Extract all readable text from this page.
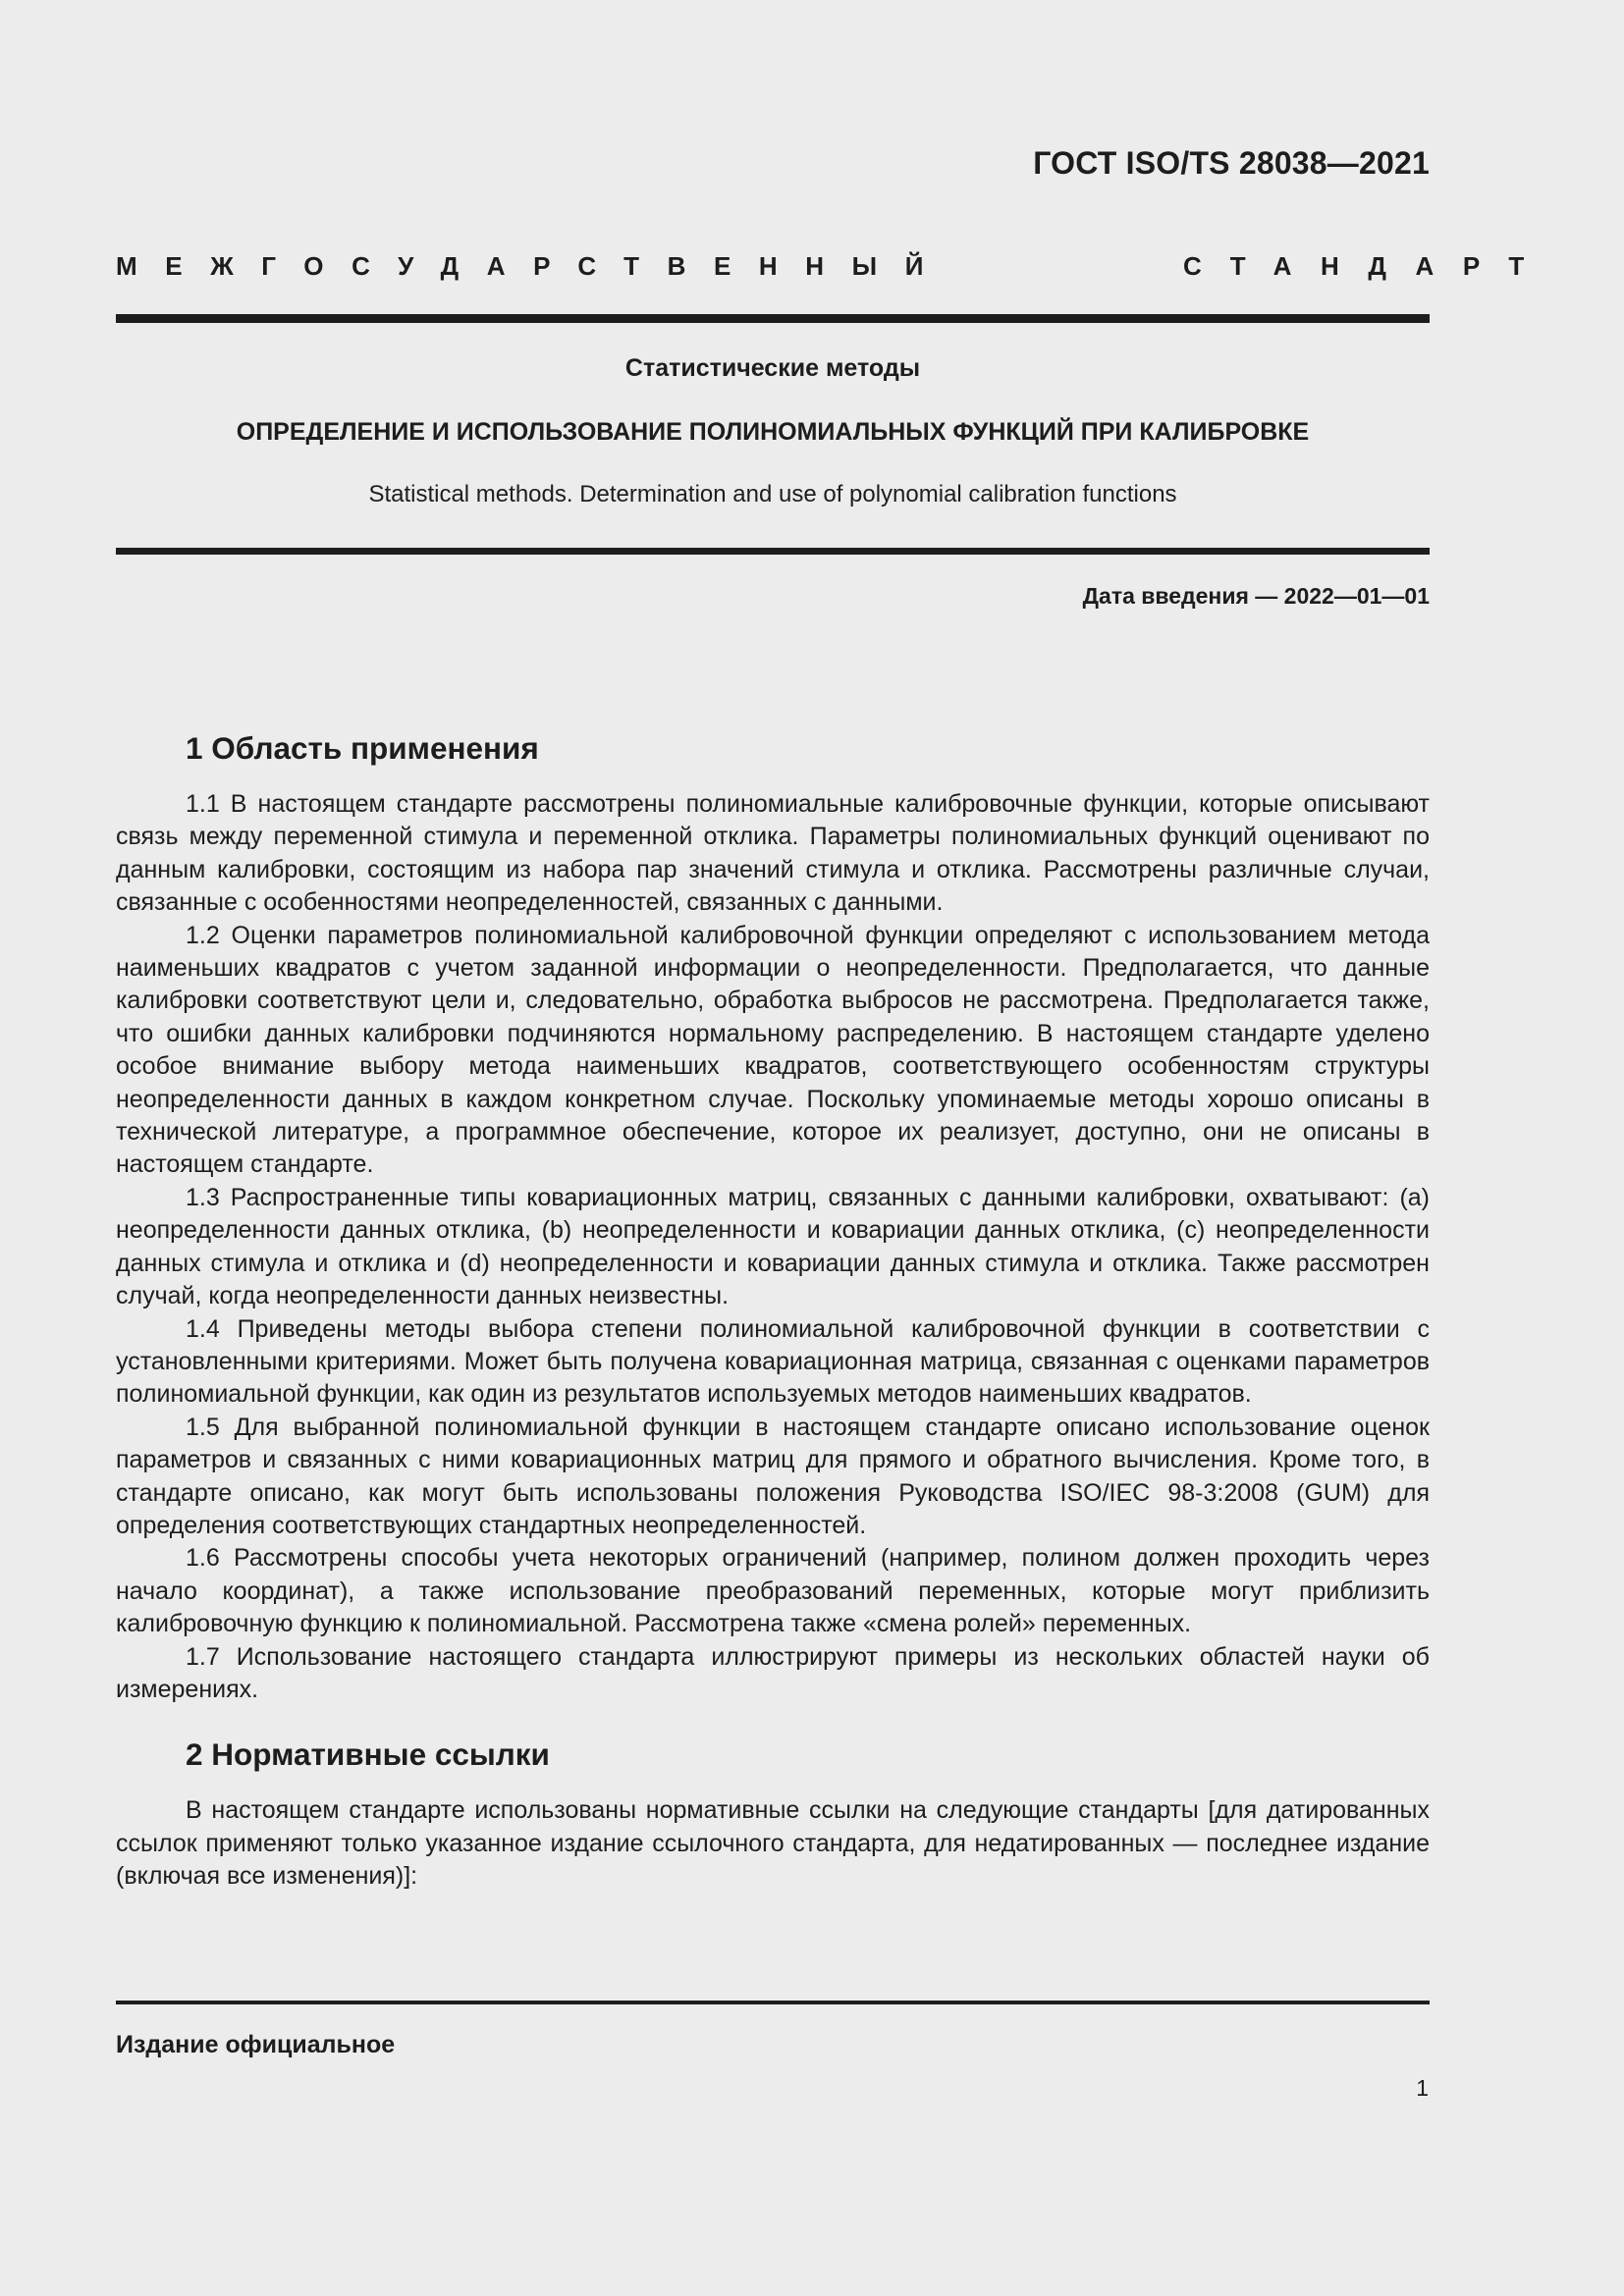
ГОСТ ISO/TS 28038—2021
МЕЖГОСУДАРСТВЕННЫЙ	СТАНДАРТ
Статистические методы
ОПРЕДЕЛЕНИЕ И ИСПОЛЬЗОВАНИЕ ПОЛИНОМИАЛЬНЫХ ФУНКЦИЙ ПРИ КАЛИБРОВКЕ
Statistical methods. Determination and use of polynomial calibration functions
Дата введения — 2022—01—01
1 Область применения

1.1 В настоящем стандарте рассмотрены полиномиальные калибровочные функции, которые описывают связь между переменной стимула и переменной отклика. Параметры полиномиальных функций оценивают по данным калибровки, состоящим из набора пар значений стимула и отклика. Рассмотрены различные случаи, связанные с особенностями неопределенностей, связанных с данными.

1.2 Оценки параметров полиномиальной калибровочной функции определяют с использованием метода наименьших квадратов с учетом заданной информации о неопределенности. Предполагается, что данные калибровки соответствуют цели и, следовательно, обработка выбросов не рассмотрена. Предполагается также, что ошибки данных калибровки подчиняются нормальному распределению. В настоящем стандарте уделено особое внимание выбору метода наименьших квадратов, соответствующего особенностям структуры неопределенности данных в каждом конкретном случае. Поскольку упоминаемые методы хорошо описаны в технической литературе, а программное обеспечение, которое их реализует, доступно, они не описаны в настоящем стандарте.

1.3 Распространенные типы ковариационных матриц, связанных с данными калибровки, охватывают: (а) неопределенности данных отклика, (b) неопределенности и ковариации данных отклика, (с) неопределенности данных стимула и отклика и (d) неопределенности и ковариации данных стимула и отклика. Также рассмотрен случай, когда неопределенности данных неизвестны.

1.4 Приведены методы выбора степени полиномиальной калибровочной функции в соответствии с установленными критериями. Может быть получена ковариационная матрица, связанная с оценками параметров полиномиальной функции, как один из результатов используемых методов наименьших квадратов.

1.5 Для выбранной полиномиальной функции в настоящем стандарте описано использование оценок параметров и связанных с ними ковариационных матриц для прямого и обратного вычисления. Кроме того, в стандарте описано, как могут быть использованы положения Руководства ISO/IEC 98-3:2008 (GUM) для определения соответствующих стандартных неопределенностей.

1.6 Рассмотрены способы учета некоторых ограничений (например, полином должен проходить через начало координат), а также использование преобразований переменных, которые могут приблизить калибровочную функцию к полиномиальной. Рассмотрена также «смена ролей» переменных.

1.7 Использование настоящего стандарта иллюстрируют примеры из нескольких областей науки об измерениях.

2 Нормативные ссылки

В настоящем стандарте использованы нормативные ссылки на следующие стандарты [для датированных ссылок применяют только указанное издание ссылочного стандарта, для недатированных — последнее издание (включая все изменения)]:

Издание официальное
1
